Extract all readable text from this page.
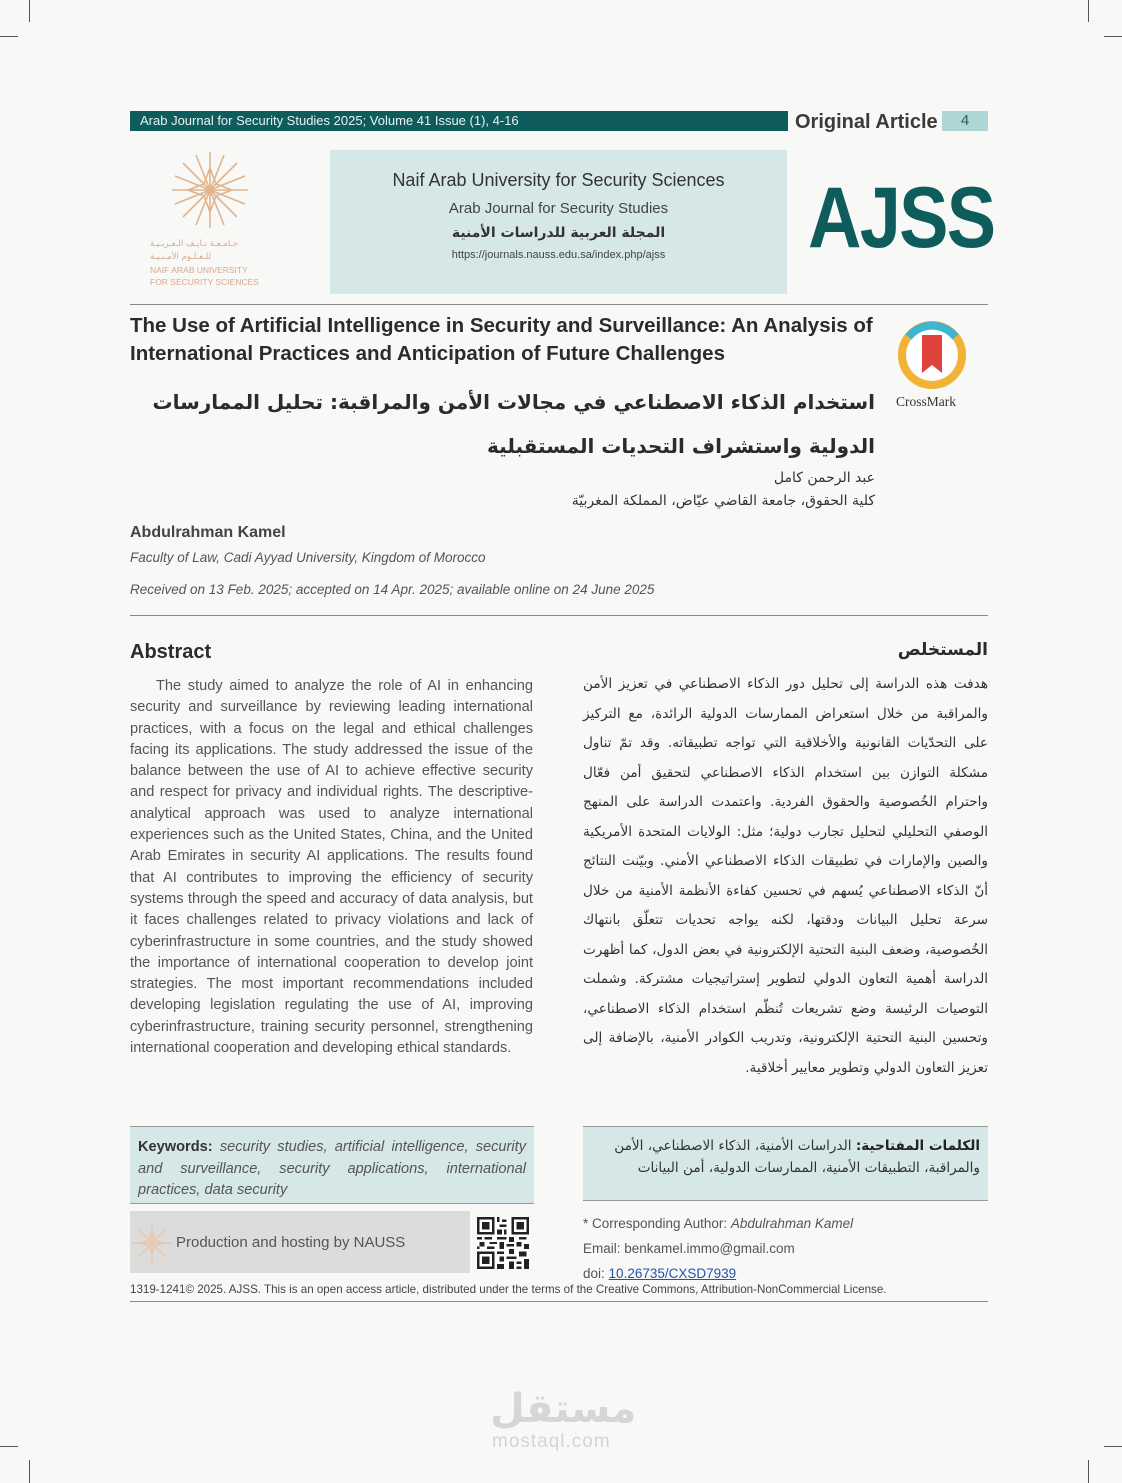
Arab Journal for Security Studies 2025; Volume 41 Issue (1), 4-16	Original Article	4
جـامـعـة نـايـف الـعـربـيـة
للـعـلـوم الأمـنـيـة
NAIF ARAB UNIVERSITY
FOR SECURITY SCIENCES
Naif Arab University for Security Sciences
Arab Journal for Security Studies
المجلة العربية للدراسات الأمنية
https://journals.nauss.edu.sa/index.php/ajss	AJSS
The Use of Artificial Intelligence in Security and Surveillance: An Analysis of International Practices and Anticipation of Future Challenges
CrossMark
استخدام الذكاء الاصطناعي في مجالات الأمن والمراقبة: تحليل الممارسات الدولية واستشراف التحديات المستقبلية
عبد الرحمن كامل
كلية الحقوق، جامعة القاضي عيّاض، المملكة المغربيّة
Abdulrahman Kamel
Faculty of Law, Cadi Ayyad University, Kingdom of Morocco
Received on 13 Feb. 2025; accepted on 14 Apr. 2025; available online on 24 June 2025
Abstract
The study aimed to analyze the role of AI in enhancing security and surveillance by reviewing leading international practices, with a focus on the legal and ethical challenges facing its applications. The study addressed the issue of the balance between the use of AI to achieve effective security and respect for privacy and individual rights. The descriptive-analytical approach was used to analyze international experiences such as the United States, China, and the United Arab Emirates in security AI applications. The results found that AI contributes to improving the efficiency of security systems through the speed and accuracy of data analysis, but it faces challenges related to privacy violations and lack of cyberinfrastructure in some countries, and the study showed the importance of international cooperation to develop joint strategies. The most important recommendations included developing legislation regulating the use of AI, improving cyberinfrastructure, training security personnel, strengthening international cooperation and developing ethical standards.
المستخلص
هدفت هذه الدراسة إلى تحليل دور الذكاء الاصطناعي في تعزيز الأمن والمراقبة من خلال استعراض الممارسات الدولية الرائدة، مع التركيز على التحدّيات القانونية والأخلاقية التي تواجه تطبيقاته. وقد تمّ تناول مشكلة التوازن بين استخدام الذكاء الاصطناعي لتحقيق أمن فعّال واحترام الخُصوصية والحقوق الفردية. واعتمدت الدراسة على المنهج الوصفي التحليلي لتحليل تجارب دولية؛ مثل: الولايات المتحدة الأمريكية والصين والإمارات في تطبيقات الذكاء الاصطناعي الأمني. وبيّنت النتائج أنّ الذكاء الاصطناعي يُسهم في تحسين كفاءة الأنظمة الأمنية من خلال سرعة تحليل البيانات ودقتها، لكنه يواجه تحديات تتعلّق بانتهاك الخُصوصية، وضعف البنية التحتية الإلكترونية في بعض الدول، كما أظهرت الدراسة أهمية التعاون الدولي لتطوير إستراتيجيات مشتركة. وشملت التوصيات الرئيسة وضع تشريعات تُنظّم استخدام الذكاء الاصطناعي، وتحسين البنية التحتية الإلكترونية، وتدريب الكوادر الأمنية، بالإضافة إلى تعزيز التعاون الدولي وتطوير معايير أخلاقية.
Keywords: security studies, artificial intelligence, security and surveillance, security applications, international practices, data security
الكلمات المفتاحية: الدراسات الأمنية، الذكاء الاصطناعي، الأمن والمراقبة، التطبيقات الأمنية، الممارسات الدولية، أمن البيانات
Production and hosting by NAUSS
* Corresponding Author: Abdulrahman Kamel
Email: benkamel.immo@gmail.com
doi: 10.26735/CXSD7939
1319-1241© 2025. AJSS. This is an open access article, distributed under the terms of the Creative Commons, Attribution-NonCommercial License.
مستقل
mostaql.com
